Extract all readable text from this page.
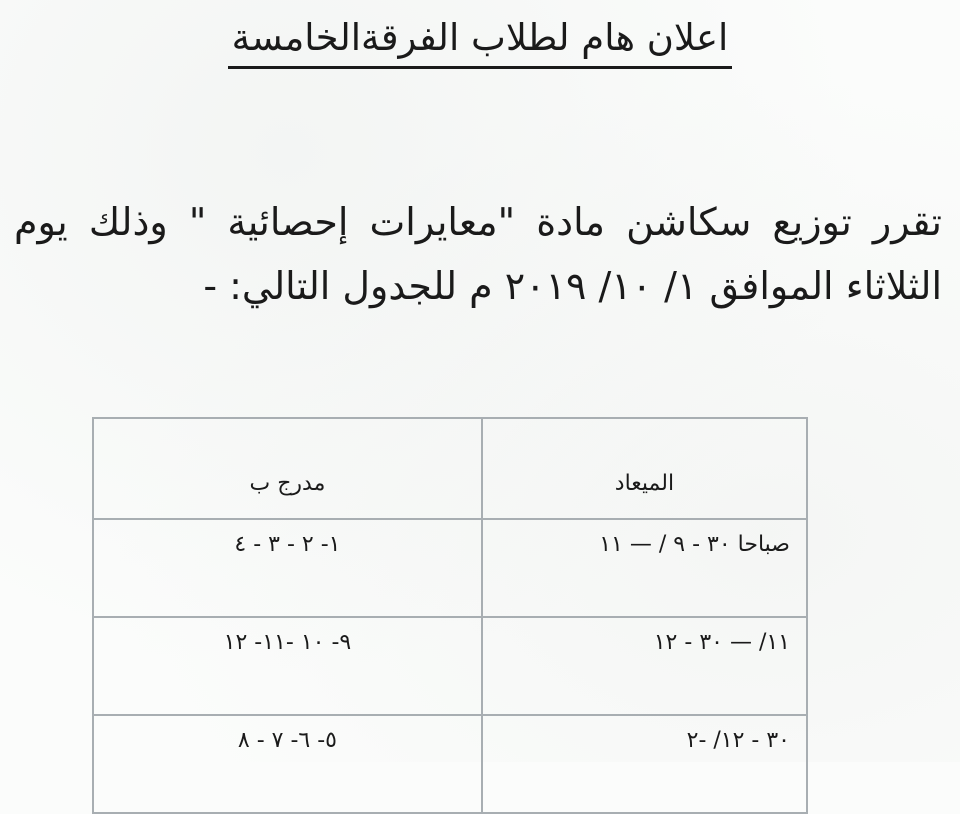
اعلان هام لطلاب الفرقةالخامسة
تقرر توزيع سكاشن مادة "معايرات إحصائية " وذلك يوم الثلاثاء الموافق ١/ ١٠/ ٢٠١٩ م للجدول التالي: -
الميعاد	مدرج ب
صباحا ٣٠ - ٩ / — ١١	١- ٢ - ٣ - ٤
١١/ — ٣٠ - ١٢	٩- ١٠ -١١- ١٢
٣٠ - ١٢/ -٢	٥- ٦- ٧ - ٨
